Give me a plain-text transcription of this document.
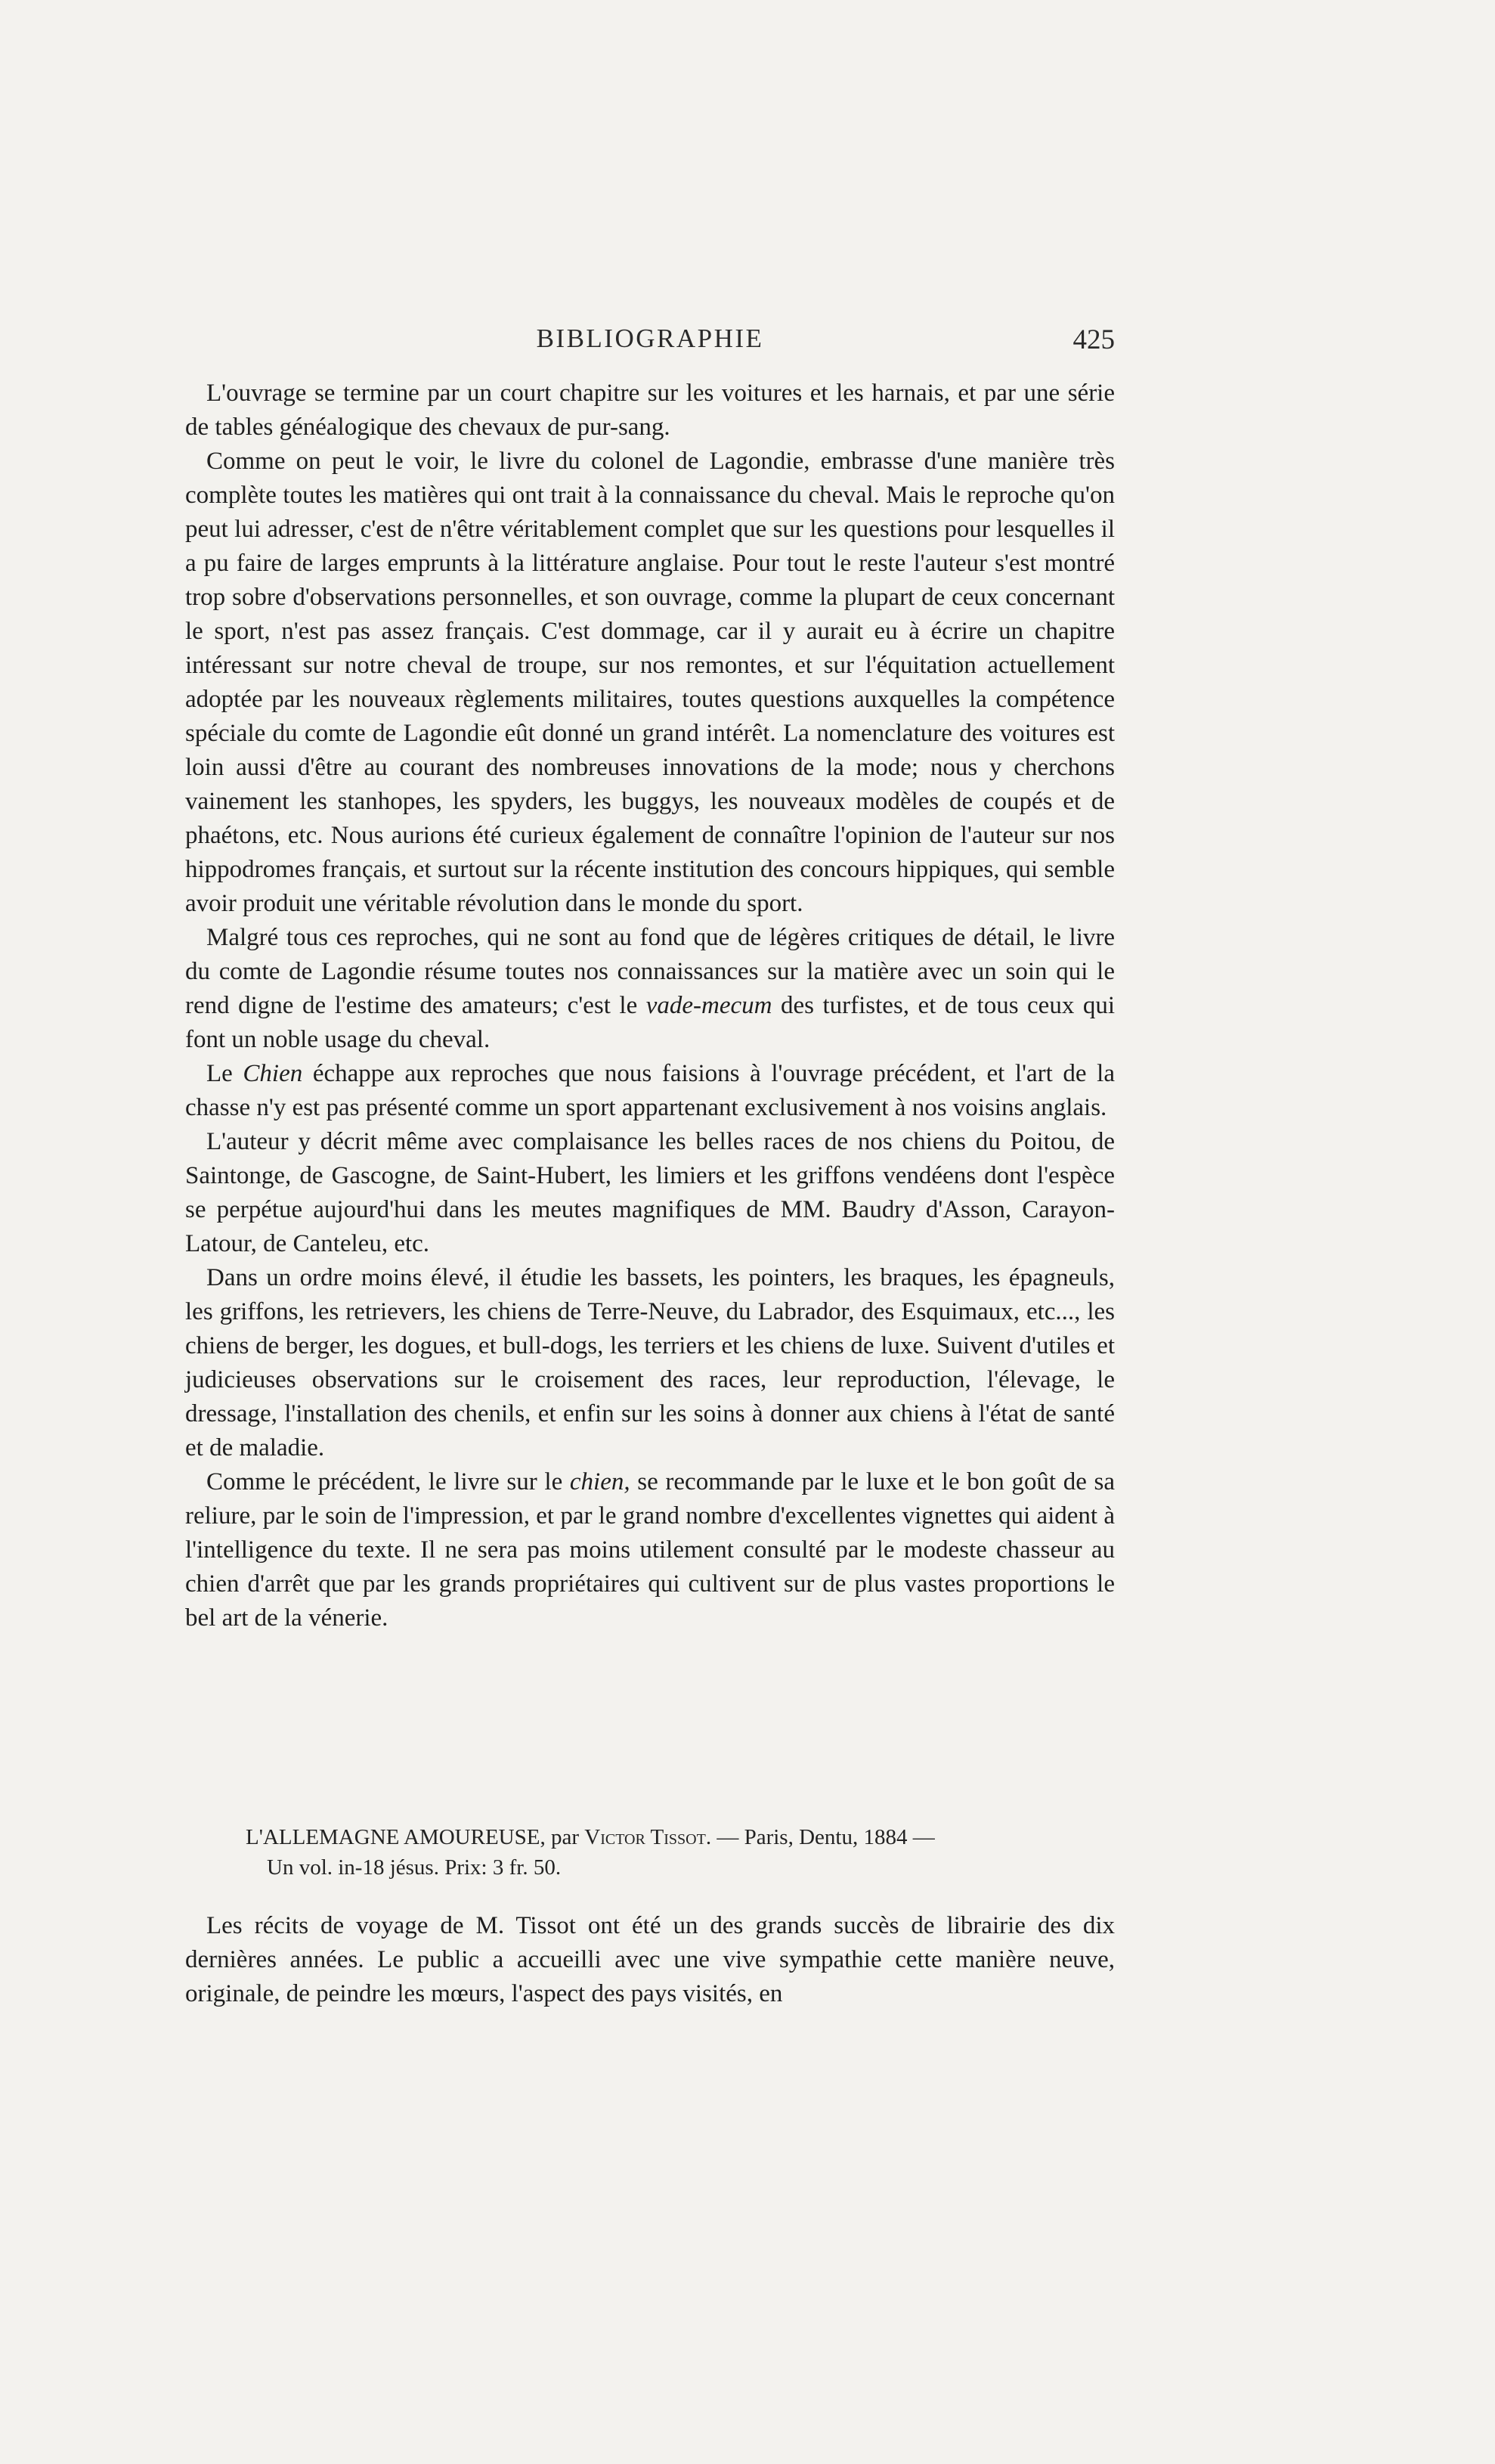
BIBLIOGRAPHIE	425

L'ouvrage se termine par un court chapitre sur les voitures et les harnais, et par une série de tables généalogique des chevaux de pur-sang.

Comme on peut le voir, le livre du colonel de Lagondie, embrasse d'une manière très complète toutes les matières qui ont trait à la connaissance du cheval. Mais le reproche qu'on peut lui adresser, c'est de n'être véritablement complet que sur les questions pour lesquelles il a pu faire de larges emprunts à la littérature anglaise. Pour tout le reste l'auteur s'est montré trop sobre d'observations personnelles, et son ouvrage, comme la plupart de ceux concernant le sport, n'est pas assez français. C'est dommage, car il y aurait eu à écrire un chapitre intéressant sur notre cheval de troupe, sur nos remontes, et sur l'équitation actuellement adoptée par les nouveaux règlements militaires, toutes questions auxquelles la compétence spéciale du comte de Lagondie eût donné un grand intérêt. La nomenclature des voitures est loin aussi d'être au courant des nombreuses innovations de la mode; nous y cherchons vainement les stanhopes, les spyders, les buggys, les nouveaux modèles de coupés et de phaétons, etc. Nous aurions été curieux également de connaître l'opinion de l'auteur sur nos hippodromes français, et surtout sur la récente institution des concours hippiques, qui semble avoir produit une véritable révolution dans le monde du sport.

Malgré tous ces reproches, qui ne sont au fond que de légères critiques de détail, le livre du comte de Lagondie résume toutes nos connaissances sur la matière avec un soin qui le rend digne de l'estime des amateurs; c'est le vade-mecum des turfistes, et de tous ceux qui font un noble usage du cheval.

Le Chien échappe aux reproches que nous faisions à l'ouvrage précédent, et l'art de la chasse n'y est pas présenté comme un sport appartenant exclusivement à nos voisins anglais.

L'auteur y décrit même avec complaisance les belles races de nos chiens du Poitou, de Saintonge, de Gascogne, de Saint-Hubert, les limiers et les griffons vendéens dont l'espèce se perpétue aujourd'hui dans les meutes magnifiques de MM. Baudry d'Asson, Carayon-Latour, de Canteleu, etc.

Dans un ordre moins élevé, il étudie les bassets, les pointers, les braques, les épagneuls, les griffons, les retrievers, les chiens de Terre-Neuve, du Labrador, des Esquimaux, etc..., les chiens de berger, les dogues, et bull-dogs, les terriers et les chiens de luxe. Suivent d'utiles et judicieuses observations sur le croisement des races, leur reproduction, l'élevage, le dressage, l'installation des chenils, et enfin sur les soins à donner aux chiens à l'état de santé et de maladie.

Comme le précédent, le livre sur le chien, se recommande par le luxe et le bon goût de sa reliure, par le soin de l'impression, et par le grand nombre d'excellentes vignettes qui aident à l'intelligence du texte. Il ne sera pas moins utilement consulté par le modeste chasseur au chien d'arrêt que par les grands propriétaires qui cultivent sur de plus vastes proportions le bel art de la vénerie.

L'ALLEMAGNE AMOUREUSE, par Victor Tissot. — Paris, Dentu, 1884 —
Un vol. in-18 jésus. Prix: 3 fr. 50.

Les récits de voyage de M. Tissot ont été un des grands succès de librairie des dix dernières années. Le public a accueilli avec une vive sympathie cette manière neuve, originale, de peindre les mœurs, l'aspect des pays visités, en
